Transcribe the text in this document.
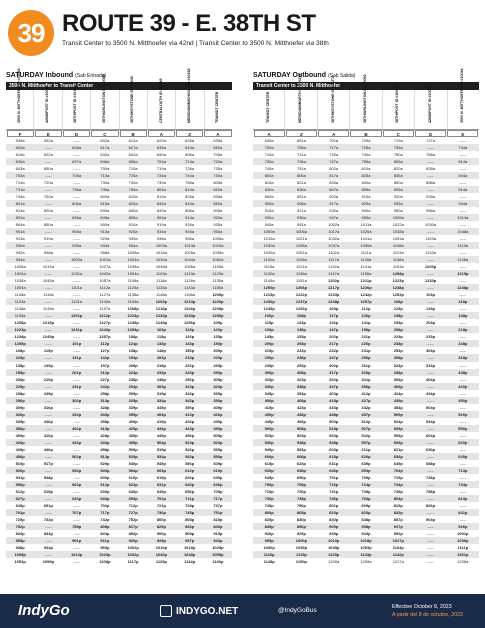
39 ROUTE 39 - E. 38TH ST
Transit Center to 3500 N. Mitthoefer via 42nd | Transit Center to 3500 N. Mitthoefer via 38th
SATURDAY Inbound (Sab Entrada)
3500 N. Mitthoefer to Transit Center
3500 N. MITTHOEFER ID #10044	42ND/POST ID #10045	38TH/POST ID #10114	38TH/ARLINGTON ID #10082	38TH/KEYSTONE ID #11040	CENTRAL/16TH ID #10349	MERIDIAN/MICHIGAN ID #10228	TRANSIT CENTER
F	E	D	C	B	A	Z	A
545a	552a	-----	602a	612a	620a	626a	635a
600a	-----	608a	617a	627a	635a	644a	650a
615a	622a	-----	632a	642a	650a	656a	705a
630a	-----	637a	646a	656a	704a	714a	720a
643a	650a	-----	700a	710a	719a	726a	735a
700a	-----	706a	715a	725a	734a	744a	750a
714a	720a	-----	730a	740a	749a	756a	805a
731a	-----	736a	745a	755a	804a	814a	820a
744a	750a	-----	800a	810a	819a	826a	835a
801a	-----	806a	815a	825a	834a	844a	850a
814a	820a	-----	830a	840a	849a	856a	905a
831a	-----	836a	845a	855a	904a	914a	920a
844a	850a	-----	900a	910a	919a	926a	935a
901a	-----	906a	915a	925a	934a	944a	950a
913a	919a	-----	929a	939a	948a	956a	1005a
930a	-----	935a	944a	954a	1003a	1013a	1020a
942a	948a	-----	958a	1008a	1018a	1026a	1035a
954a	-----	1002a	1012a	1024a	1034a	1044a	1050a
1008a	1015a	-----	1027a	1038a	1048a	1056a	1105a
1024a	-----	1031a	1042a	1054a	1103a	1113a	1120a
1038a	1045a	-----	1057a	1108a	1118a	1126a	1135a
1054a	-----	1101a	1112a	1124a	1133a	1143a	1150a
1108a	1115a	-----	1127a	1138a	1148a	1156a	1205p
1124a	-----	1131a	1142a	1154a	1203p	1213p	1220p
1138a	1145a	-----	1157a	1208p	1218p	1226p	1235p
1155a	-----	1201p	1212p	1224p	1233p	1243p	1250p
1208p	1215p	-----	1227p	1238p	1248p	1256p	105p
1223p	-----	1231p	1242p	1254p	103p	113p	120p
1238p	1245p	-----	1257p	108p	118p	126p	135p
1255p	-----	101p	112p	124p	133p	143p	150p
108p	115p	-----	127p	138p	148p	156p	205p
125p	-----	131p	142p	154p	203p	213p	220p
138p	145p	-----	157p	208p	218p	226p	235p
155p	-----	201p	212p	224p	233p	243p	250p
208p	215p	-----	227p	238p	248p	256p	305p
225p	-----	231p	242p	254p	303p	313p	320p
238p	245p	-----	258p	309p	319p	326p	335p
256p	-----	302p	313p	325p	334p	343p	350p
309p	316p	-----	328p	339p	349p	356p	405p
326p	-----	332p	343p	355p	404p	413p	420p
339p	346p	-----	358p	409p	419p	426p	435p
356p	-----	402p	413p	425p	434p	443p	450p
409p	416p	-----	428p	439p	449p	456p	505p
426p	-----	432p	443p	455p	504p	513p	520p
439p	446p	-----	458p	509p	519p	526p	535p
456p	-----	502p	513p	525p	534p	543p	550p
510p	517p	-----	529p	540p	549p	556p	605p
526p	-----	532p	543p	554p	603p	612p	619p
541p	548p	-----	600p	610p	619p	626p	635p
556p	-----	602p	612p	622p	631p	640p	646p
612p	618p	-----	630p	640p	649p	656p	705p
627p	-----	633p	643p	653p	702p	711p	717p
645p	651p	-----	702p	712p	721p	728p	737p
701p	-----	707p	717p	727p	736p	745p	751p
725p	732p	-----	742p	752p	800p	808p	815p
752p	-----	758p	808p	817p	825p	834p	840p
826p	833p	-----	843p	852p	900p	908p	915p
855p	-----	901p	911p	920p	928p	937p	943p
938p	944p	-----	953p	1002p	1010p	1018p	1025p
1008p	-----	1014p	1023p	1032p	1040p	1048p	1055p
1053p	1059p	-----	1108p	1117p	1125p	1134p	1140p
SATURDAY Outbound (Sab Salida)
Transit Center to 3500 N. Mitthoefer
TRANSIT CENTER	MERIDIAN/NORTH ID #10229	38TH/KEYSTONE ID #10272	38TH/ARLINGTON ID #10092	38TH/POST ID #10048	42ND/POST ID #10046	3500 N. MITTHOEFER ID #10044
A	Z	A	B	C	D	E
645a	651a	701a	709a	719a	727a	-----
700a	706a	717a	725a	735a	-----	744a
715a	721a	732a	740a	750a	758a	-----
730a	736a	747a	755a	805a	-----	814a
745a	751a	802a	810a	820a	828a	-----
800a	806a	817a	825a	835a	-----	844a
815a	821a	832a	840a	850a	858a	-----
830a	836a	847a	855a	905a	-----	914a
845a	851a	902a	910a	920a	928a	-----
900a	906a	917a	925a	935a	-----	944a
915a	921a	932a	940a	950a	958a	-----
930a	936a	947a	955a	1005a	-----	1014a
945a	951a	1002a	1011a	1022a	1030a	-----
1000a	1006a	1017a	1026a	1038a	-----	1048a
1015a	1021a	1032a	1041a	1053a	1103a	-----
1030a	1036a	1047a	1056a	1108a	-----	1119a
1045a	1051a	1102a	1111a	1123a	1133a	-----
1100a	1106a	1117a	1126a	1138a	-----	1148a
1115a	1121a	1132a	1141a	1153a	1203p	-----
1130a	1136a	1147a	1156a	1208p	-----	1219p
1145a	1151a	1202p	1211p	1223p	1233p	-----
1200p	1206p	1217p	1226p	1238p	-----	1248p
1215p	1222p	1233p	1242p	1253p	103p	-----
1230p	1237p	1248p	1257p	108p	-----	118p
1245p	1252p	103p	112p	123p	133p	-----
100p	108p	117p	126p	138p	-----	148p
115p	123p	132p	141p	153p	203p	-----
130p	138p	147p	156p	208p	-----	218p
145p	153p	202p	211p	223p	233p	-----
200p	208p	217p	226p	238p	-----	248p
215p	223p	232p	241p	253p	303p	-----
230p	238p	247p	256p	308p	-----	318p
245p	253p	302p	311p	323p	333p	-----
300p	308p	317p	326p	338p	-----	348p
315p	323p	332p	341p	354p	404p	-----
330p	338p	347p	356p	409p	-----	420p
345p	353p	403p	412p	424p	434p	-----
400p	408p	418p	427p	439p	-----	450p
415p	423p	433p	442p	454p	504p	-----
430p	438p	448p	457p	509p	-----	520p
445p	453p	503p	512p	524p	534p	-----
500p	508p	518p	527p	539p	-----	550p
515p	523p	533p	542p	554p	604p	-----
530p	538p	548p	557p	609p	-----	620p
545p	553p	603p	611p	621p	630p	-----
600p	608p	618p	626p	636p	-----	645p
615p	623p	631p	639p	649p	658p	-----
630p	638p	646p	654p	704p	-----	713p
645p	650p	701p	709p	719p	728p	-----
700p	708p	716p	724p	734p	-----	744p
715p	720p	731p	739p	749p	758p	-----
730p	735p	746p	754p	804p	-----	813p
745p	750p	801p	809p	819p	826p	-----
800p	805p	815p	823p	832p	-----	841p
825p	830p	840p	848p	857p	904p	-----
845p	850p	900p	908p	917p	-----	926p
920p	925p	935p	943p	952p	-----	1001p
955p	1000p	1010p	1018p	1027p	-----	1036p
1030p	1035p	1045p	1053p	1104p	-----	1111p
1110p	1115p	1125p	1133p	1142p	-----	1151p
1145p	1150p	1200a	1208a	1217a	-----	1226a
IndyGo	INDYGO.NET	@IndyGoBus	Effective October 8, 2023
A partir del 8 de octubre, 2023
